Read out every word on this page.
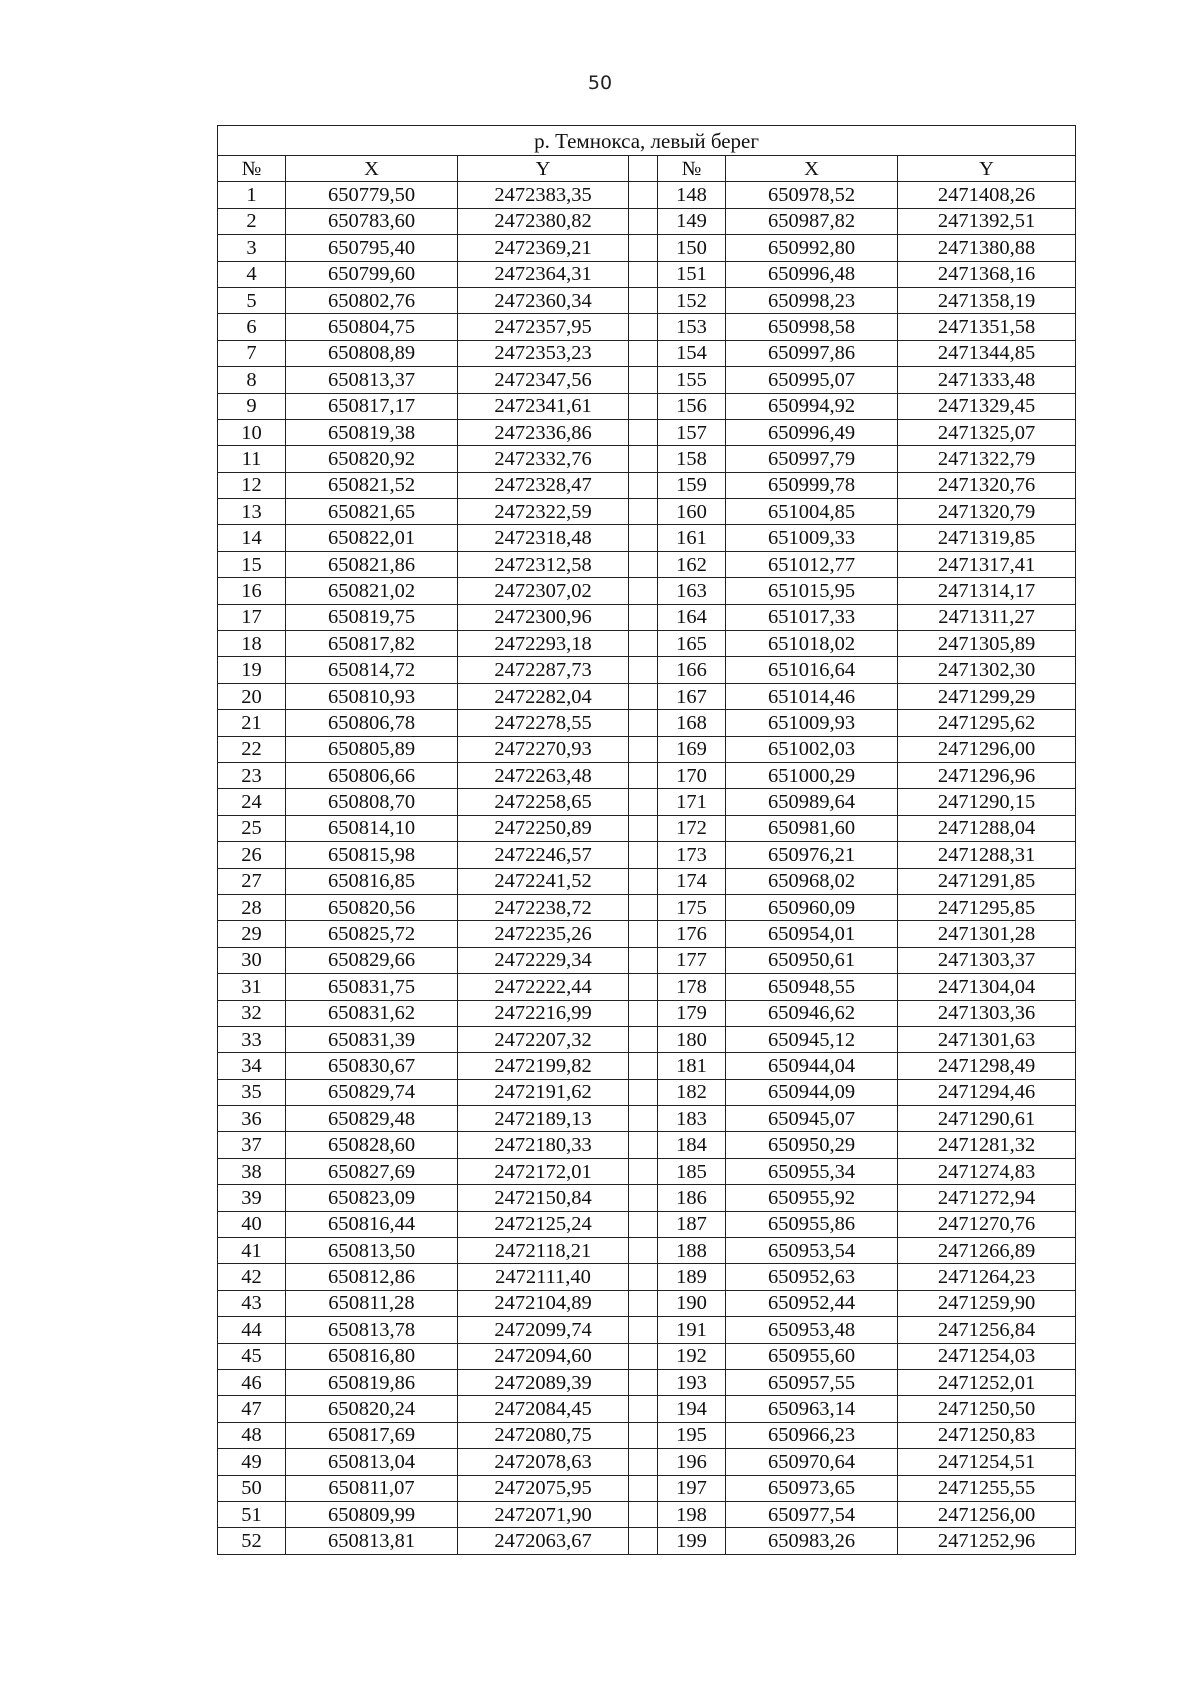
50
р. Темнокса, левый берег						
№	X	Y		№	X	Y
1	650779,50	2472383,35		148	650978,52	2471408,26
2	650783,60	2472380,82		149	650987,82	2471392,51
3	650795,40	2472369,21		150	650992,80	2471380,88
4	650799,60	2472364,31		151	650996,48	2471368,16
5	650802,76	2472360,34		152	650998,23	2471358,19
6	650804,75	2472357,95		153	650998,58	2471351,58
7	650808,89	2472353,23		154	650997,86	2471344,85
8	650813,37	2472347,56		155	650995,07	2471333,48
9	650817,17	2472341,61		156	650994,92	2471329,45
10	650819,38	2472336,86		157	650996,49	2471325,07
11	650820,92	2472332,76		158	650997,79	2471322,79
12	650821,52	2472328,47		159	650999,78	2471320,76
13	650821,65	2472322,59		160	651004,85	2471320,79
14	650822,01	2472318,48		161	651009,33	2471319,85
15	650821,86	2472312,58		162	651012,77	2471317,41
16	650821,02	2472307,02		163	651015,95	2471314,17
17	650819,75	2472300,96		164	651017,33	2471311,27
18	650817,82	2472293,18		165	651018,02	2471305,89
19	650814,72	2472287,73		166	651016,64	2471302,30
20	650810,93	2472282,04		167	651014,46	2471299,29
21	650806,78	2472278,55		168	651009,93	2471295,62
22	650805,89	2472270,93		169	651002,03	2471296,00
23	650806,66	2472263,48		170	651000,29	2471296,96
24	650808,70	2472258,65		171	650989,64	2471290,15
25	650814,10	2472250,89		172	650981,60	2471288,04
26	650815,98	2472246,57		173	650976,21	2471288,31
27	650816,85	2472241,52		174	650968,02	2471291,85
28	650820,56	2472238,72		175	650960,09	2471295,85
29	650825,72	2472235,26		176	650954,01	2471301,28
30	650829,66	2472229,34		177	650950,61	2471303,37
31	650831,75	2472222,44		178	650948,55	2471304,04
32	650831,62	2472216,99		179	650946,62	2471303,36
33	650831,39	2472207,32		180	650945,12	2471301,63
34	650830,67	2472199,82		181	650944,04	2471298,49
35	650829,74	2472191,62		182	650944,09	2471294,46
36	650829,48	2472189,13		183	650945,07	2471290,61
37	650828,60	2472180,33		184	650950,29	2471281,32
38	650827,69	2472172,01		185	650955,34	2471274,83
39	650823,09	2472150,84		186	650955,92	2471272,94
40	650816,44	2472125,24		187	650955,86	2471270,76
41	650813,50	2472118,21		188	650953,54	2471266,89
42	650812,86	2472111,40		189	650952,63	2471264,23
43	650811,28	2472104,89		190	650952,44	2471259,90
44	650813,78	2472099,74		191	650953,48	2471256,84
45	650816,80	2472094,60		192	650955,60	2471254,03
46	650819,86	2472089,39		193	650957,55	2471252,01
47	650820,24	2472084,45		194	650963,14	2471250,50
48	650817,69	2472080,75		195	650966,23	2471250,83
49	650813,04	2472078,63		196	650970,64	2471254,51
50	650811,07	2472075,95		197	650973,65	2471255,55
51	650809,99	2472071,90		198	650977,54	2471256,00
52	650813,81	2472063,67		199	650983,26	2471252,96
